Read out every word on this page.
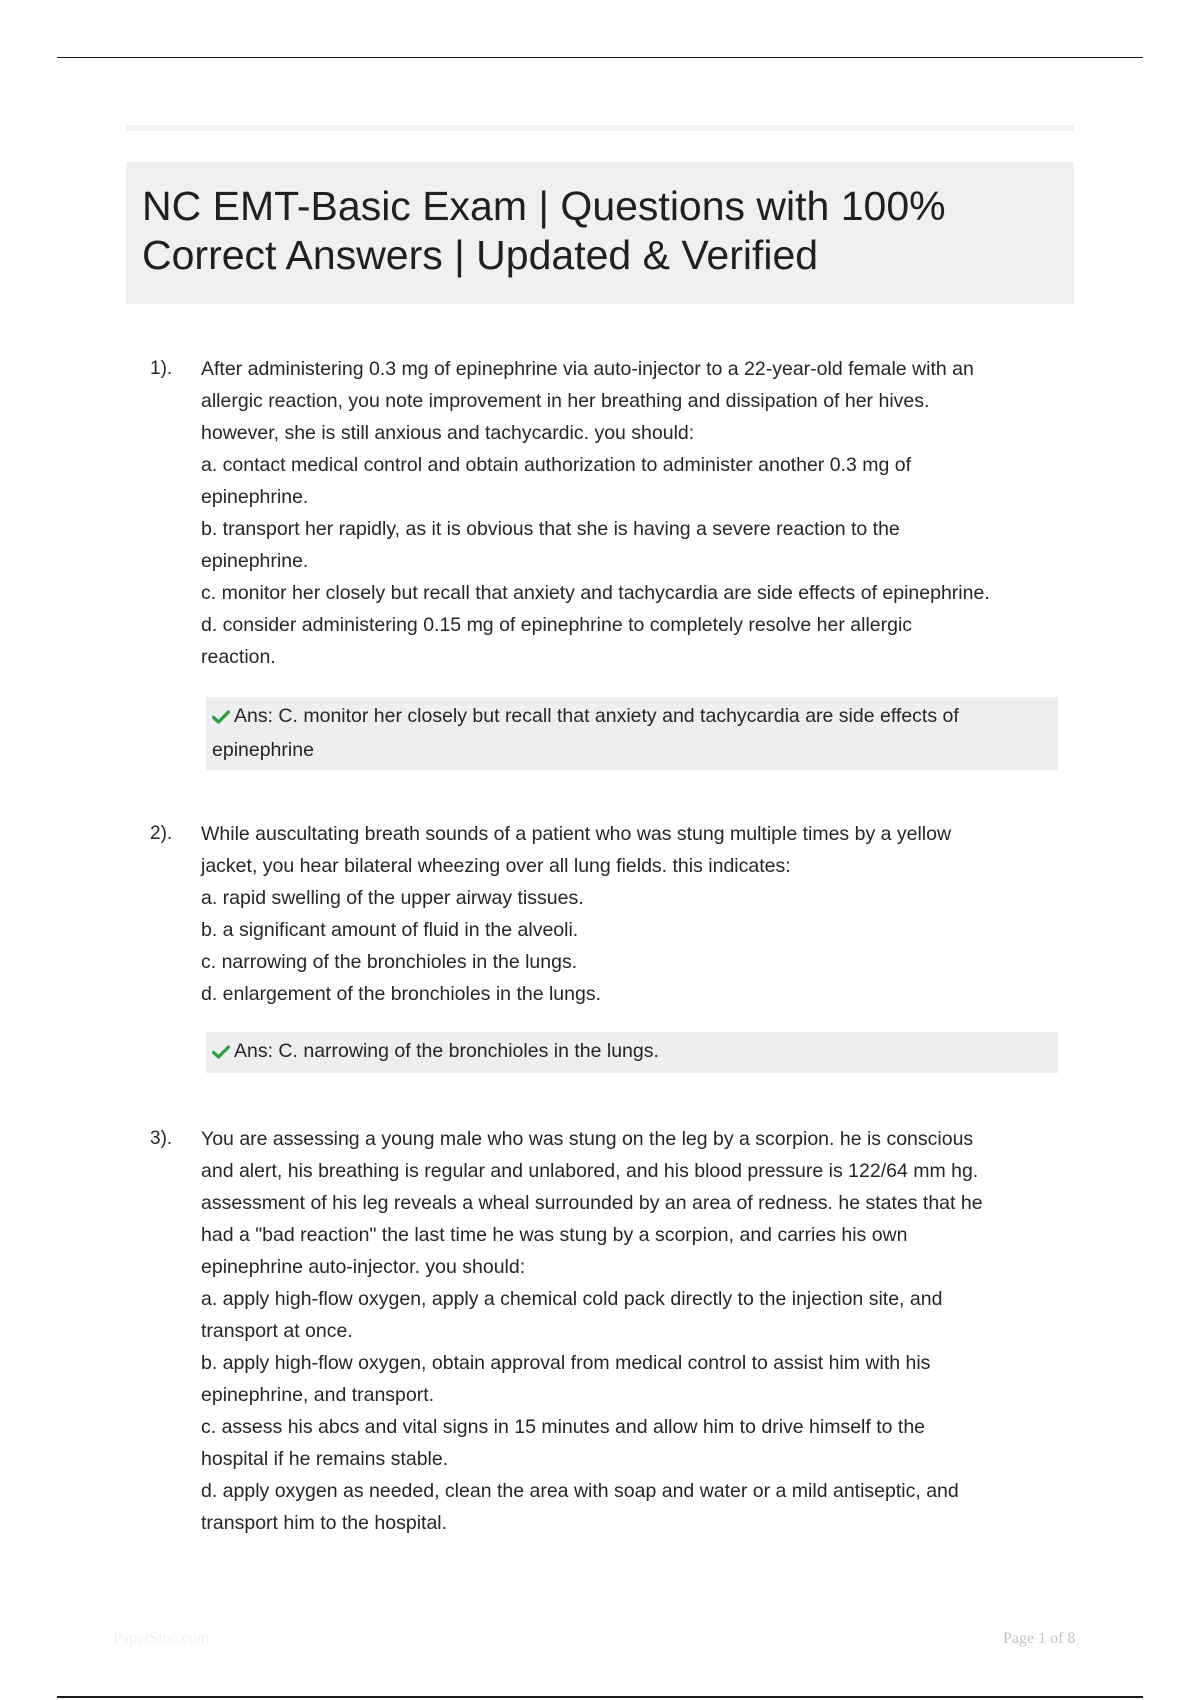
NC EMT-Basic Exam | Questions with 100%
Correct Answers | Updated & Verified
1). After administering 0.3 mg of epinephrine via auto-injector to a 22-year-old female with an
allergic reaction, you note improvement in her breathing and dissipation of her hives.
however, she is still anxious and tachycardic. you should:
a. contact medical control and obtain authorization to administer another 0.3 mg of
epinephrine.
b. transport her rapidly, as it is obvious that she is having a severe reaction to the
epinephrine.
c. monitor her closely but recall that anxiety and tachycardia are side effects of epinephrine.
d. consider administering 0.15 mg of epinephrine to completely resolve her allergic
reaction.
Ans: C. monitor her closely but recall that anxiety and tachycardia are side effects of
epinephrine
2). While auscultating breath sounds of a patient who was stung multiple times by a yellow
jacket, you hear bilateral wheezing over all lung fields. this indicates:
a. rapid swelling of the upper airway tissues.
b. a significant amount of fluid in the alveoli.
c. narrowing of the bronchioles in the lungs.
d. enlargement of the bronchioles in the lungs.
Ans: C. narrowing of the bronchioles in the lungs.
3). You are assessing a young male who was stung on the leg by a scorpion. he is conscious
and alert, his breathing is regular and unlabored, and his blood pressure is 122/64 mm hg.
assessment of his leg reveals a wheal surrounded by an area of redness. he states that he
had a "bad reaction" the last time he was stung by a scorpion, and carries his own
epinephrine auto-injector. you should:
a. apply high-flow oxygen, apply a chemical cold pack directly to the injection site, and
transport at once.
b. apply high-flow oxygen, obtain approval from medical control to assist him with his
epinephrine, and transport.
c. assess his abcs and vital signs in 15 minutes and allow him to drive himself to the
hospital if he remains stable.
d. apply oxygen as needed, clean the area with soap and water or a mild antiseptic, and
transport him to the hospital.
PaperStoc.com	Page 1 of 8
